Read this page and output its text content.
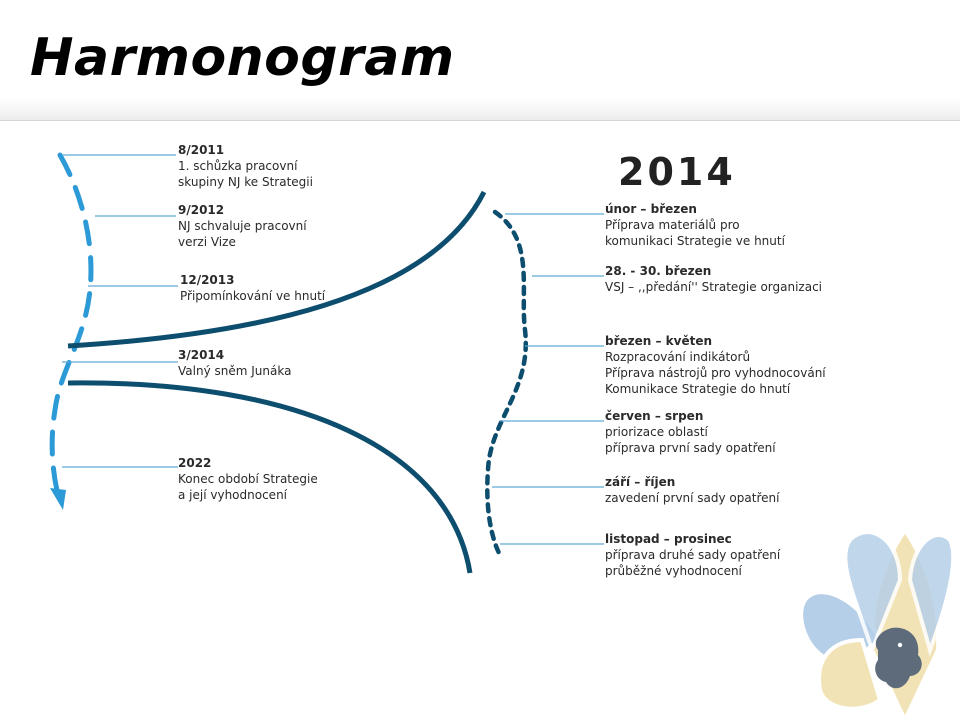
Harmonogram
2014
8/2011
1. schůzka pracovní
skupiny NJ ke Strategii
9/2012
NJ schvaluje pracovní
verzi Vize
12/2013
Připomínkování ve hnutí
3/2014
Valný sněm Junáka
2022
Konec období Strategie
a její vyhodnocení
únor – březen
Příprava materiálů pro
komunikaci Strategie ve hnutí
28. - 30. březen
VSJ – ,,předání'' Strategie organizaci
březen – květen
Rozpracování indikátorů
Příprava nástrojů pro vyhodnocování
Komunikace Strategie do hnutí
červen – srpen
priorizace oblastí
příprava první sady opatření
září – říjen
zavedení první sady opatření
listopad – prosinec
příprava druhé sady opatření
průběžné vyhodnocení
